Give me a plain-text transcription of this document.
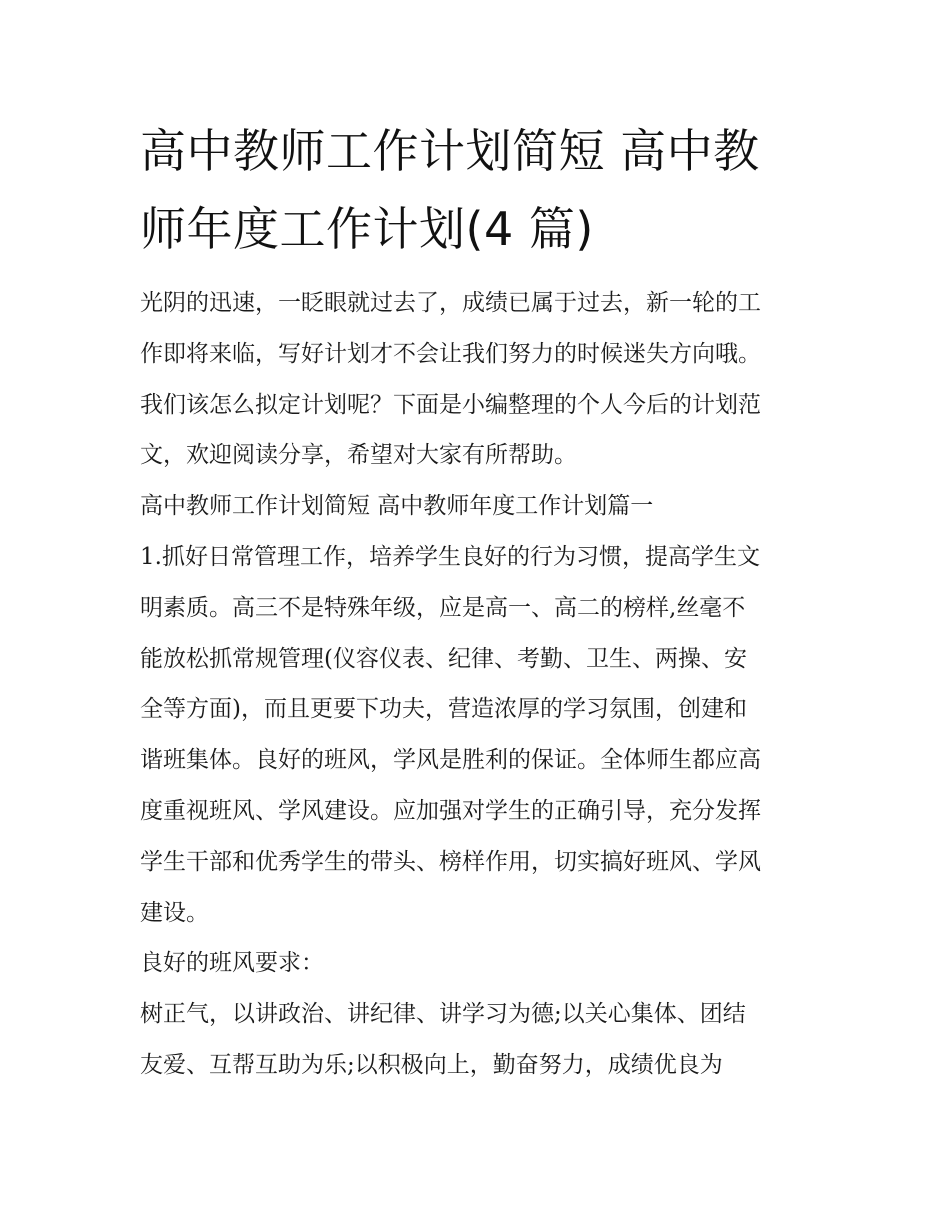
高中教师工作计划简短 高中教
师年度工作计划(4 篇)
光阴的迅速，一眨眼就过去了，成绩已属于过去，新一轮的工
作即将来临，写好计划才不会让我们努力的时候迷失方向哦。
我们该怎么拟定计划呢？下面是小编整理的个人今后的计划范
文，欢迎阅读分享，希望对大家有所帮助。
高中教师工作计划简短 高中教师年度工作计划篇一
1.抓好日常管理工作，培养学生良好的行为习惯，提高学生文
明素质。高三不是特殊年级，应是高一、高二的榜样,丝毫不
能放松抓常规管理(仪容仪表、纪律、考勤、卫生、两操、安
全等方面)，而且更要下功夫，营造浓厚的学习氛围，创建和
谐班集体。良好的班风，学风是胜利的保证。全体师生都应高
度重视班风、学风建设。应加强对学生的正确引导，充分发挥
学生干部和优秀学生的带头、榜样作用，切实搞好班风、学风
建设。
良好的班风要求：
树正气，以讲政治、讲纪律、讲学习为德;以关心集体、团结
友爱、互帮互助为乐;以积极向上，勤奋努力，成绩优良为
